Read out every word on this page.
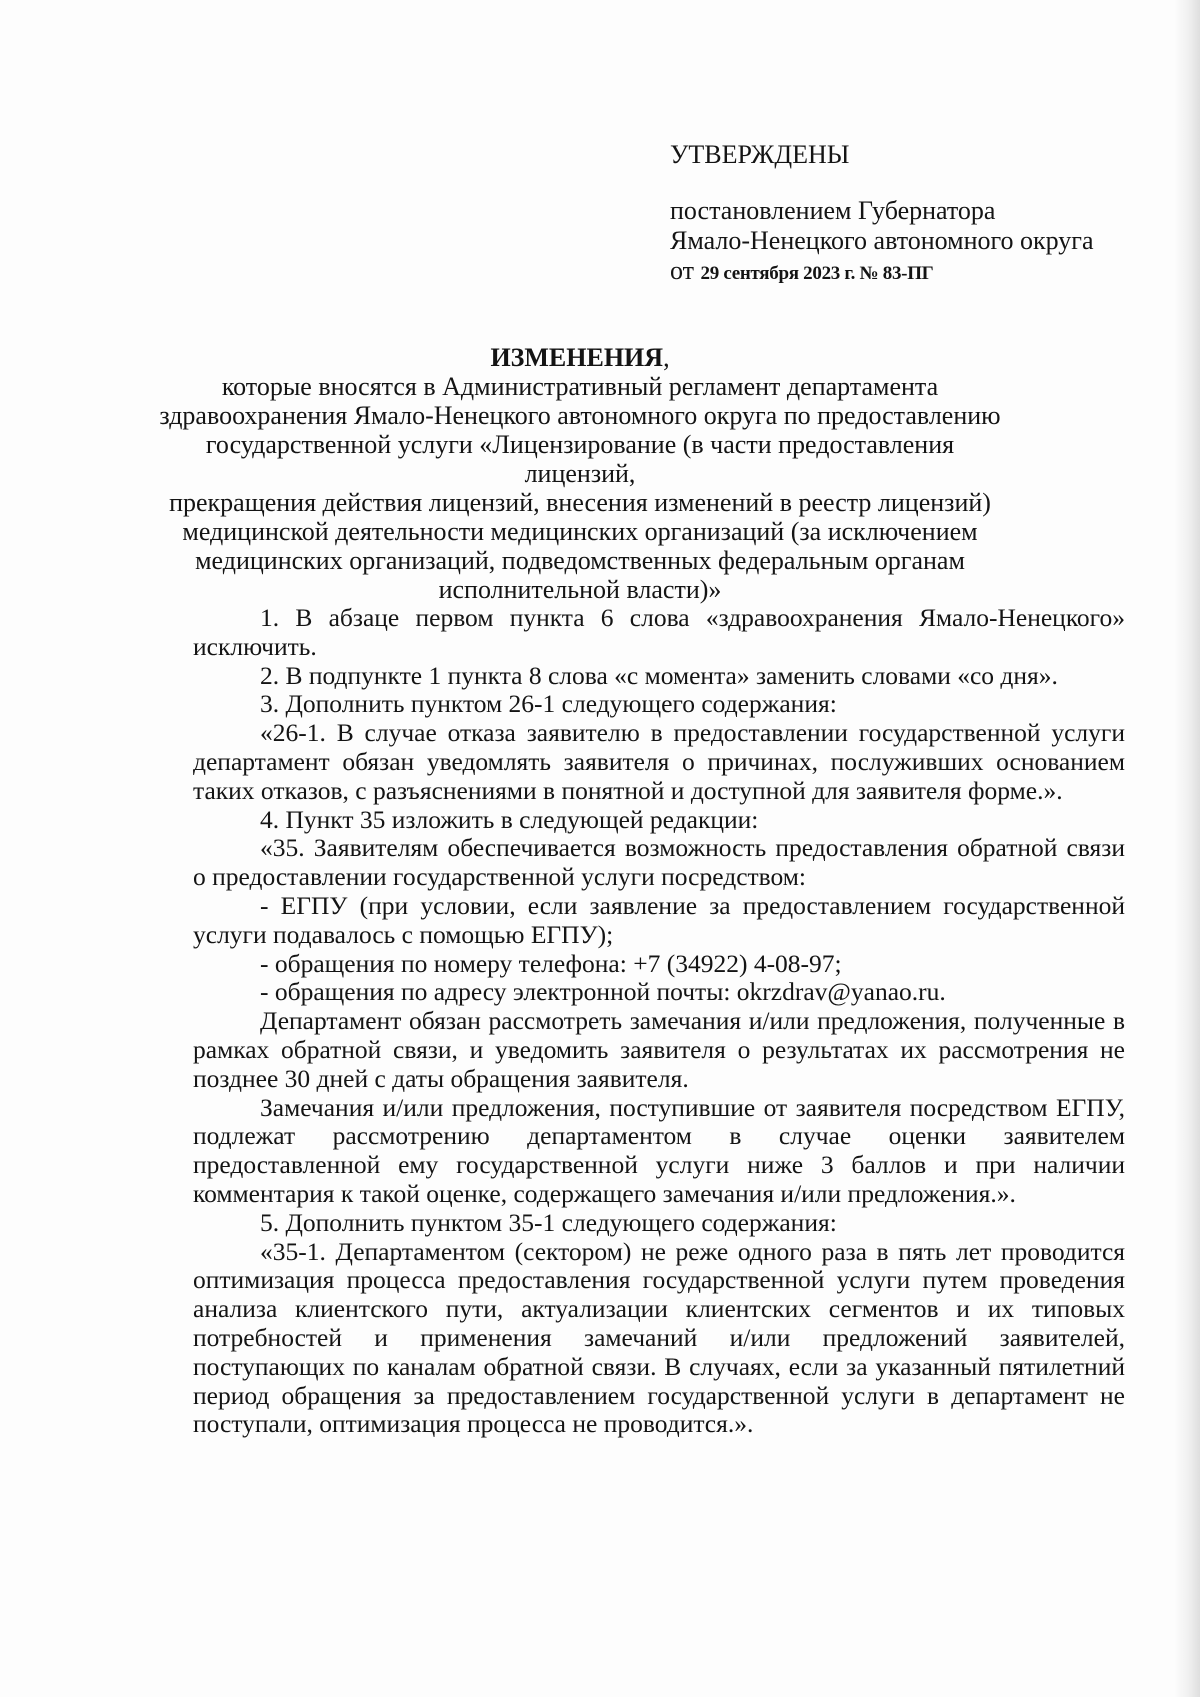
УТВЕРЖДЕНЫ
постановлением Губернатора
Ямало-Ненецкого автономного округа
от 29 сентября 2023 г. № 83-ПГ
ИЗМЕНЕНИЯ,
которые вносятся в Административный регламент департамента
здравоохранения Ямало-Ненецкого автономного округа по предоставлению
государственной услуги «Лицензирование (в части предоставления лицензий,
прекращения действия лицензий, внесения изменений в реестр лицензий)
медицинской деятельности медицинских организаций (за исключением
медицинских организаций, подведомственных федеральным органам
исполнительной власти)»

1. В абзаце первом пункта 6 слова «здравоохранения Ямало-Ненецкого» исключить.

2. В подпункте 1 пункта 8 слова «с момента» заменить словами «со дня».

3. Дополнить пунктом 26-1 следующего содержания:

«26-1. В случае отказа заявителю в предоставлении государственной услуги департамент обязан уведомлять заявителя о причинах, послуживших основанием таких отказов, с разъяснениями в понятной и доступной для заявителя форме.».

4. Пункт 35 изложить в следующей редакции:

«35. Заявителям обеспечивается возможность предоставления обратной связи о предоставлении государственной услуги посредством:

- ЕГПУ (при условии, если заявление за предоставлением государственной услуги подавалось с помощью ЕГПУ);

- обращения по номеру телефона: +7 (34922) 4-08-97;

- обращения по адресу электронной почты: okrzdrav@yanao.ru.

Департамент обязан рассмотреть замечания и/или предложения, полученные в рамках обратной связи, и уведомить заявителя о результатах их рассмотрения не позднее 30 дней с даты обращения заявителя.

Замечания и/или предложения, поступившие от заявителя посредством ЕГПУ, подлежат рассмотрению департаментом в случае оценки заявителем предоставленной ему государственной услуги ниже 3 баллов и при наличии комментария к такой оценке, содержащего замечания и/или предложения.».

5. Дополнить пунктом 35-1 следующего содержания:

«35-1. Департаментом (сектором) не реже одного раза в пять лет проводится оптимизация процесса предоставления государственной услуги путем проведения анализа клиентского пути, актуализации клиентских сегментов и их типовых потребностей и применения замечаний и/или предложений заявителей, поступающих по каналам обратной связи. В случаях, если за указанный пятилетний период обращения за предоставлением государственной услуги в департамент не поступали, оптимизация процесса не проводится.».
